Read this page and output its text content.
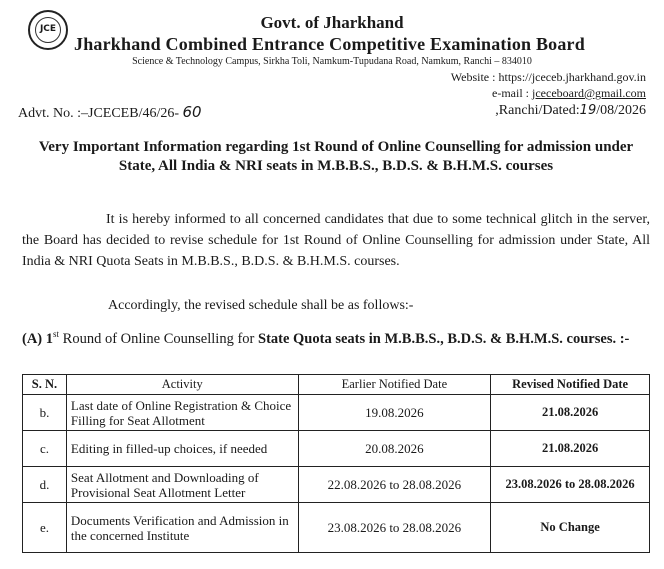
JCE	Govt. of Jharkhand
Jharkhand Combined Entrance Competitive Examination Board
Science & Technology Campus, Sirkha Toli, Namkum-Tupudana Road, Namkum, Ranchi – 834010
Website : https://jceceb.jharkhand.gov.in
e-mail : jceceboard@gmail.com
Advt. No. :–JCECEB/46/26- 60	,Ranchi/Dated:19/08/2026
Very Important Information regarding 1st Round of Online Counselling for admission under State, All India & NRI seats in M.B.B.S., B.D.S. & B.H.M.S. courses
It is hereby informed to all concerned candidates that due to some technical glitch in the server, the Board has decided to revise schedule for 1st Round of Online Counselling for admission under State, All India & NRI Quota Seats in M.B.B.S., B.D.S. & B.H.M.S. courses.
Accordingly, the revised schedule shall be as follows:-
(A) 1st Round of Online Counselling for State Quota seats in M.B.B.S., B.D.S. & B.H.M.S. courses. :-
S. N.	Activity	Earlier Notified Date	Revised Notified Date
b.	Last date of Online Registration & Choice Filling for Seat Allotment	19.08.2026	21.08.2026
c.	Editing in filled-up choices, if needed	20.08.2026	21.08.2026
d.	Seat Allotment and Downloading of Provisional Seat Allotment Letter	22.08.2026 to 28.08.2026	23.08.2026 to 28.08.2026
e.	Documents Verification and Admission in the concerned Institute	23.08.2026 to 28.08.2026	No Change
